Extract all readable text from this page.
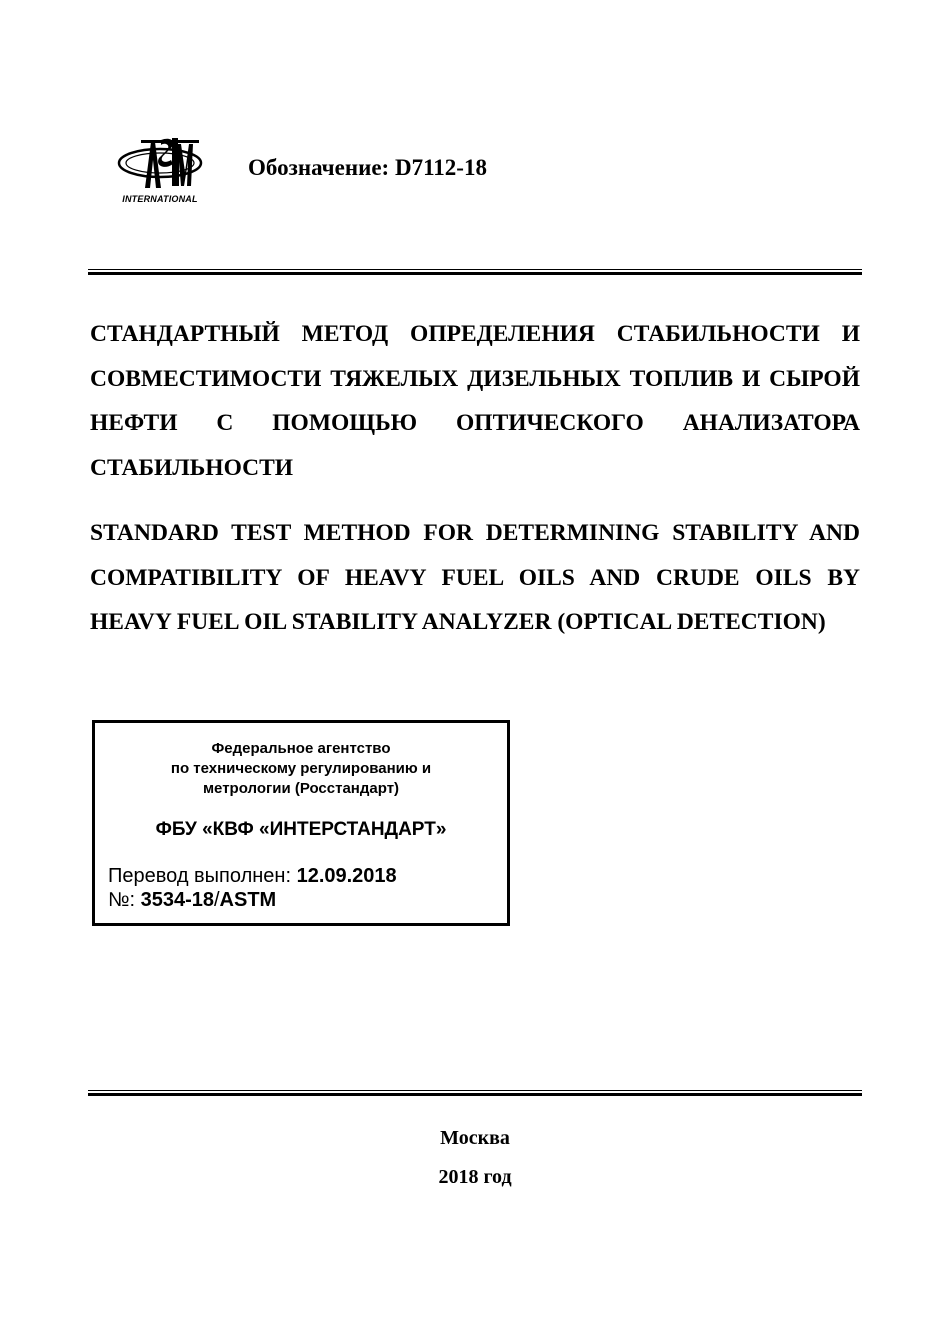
INTERNATIONAL
Обозначение: D7112-18

СТАНДАРТНЫЙ МЕТОД ОПРЕДЕЛЕНИЯ СТАБИЛЬНОСТИ И СОВМЕСТИМОСТИ ТЯЖЕЛЫХ ДИЗЕЛЬНЫХ ТОПЛИВ И СЫРОЙ НЕФТИ С ПОМОЩЬЮ ОПТИЧЕСКОГО АНАЛИЗАТОРА СТАБИЛЬНОСТИ

STANDARD TEST METHOD FOR DETERMINING STABILITY AND COMPATIBILITY OF HEAVY FUEL OILS AND CRUDE OILS BY HEAVY FUEL OIL STABILITY ANALYZER (OPTICAL DETECTION)

Федеральное агентство
по техническому регулированию и
метрологии (Росстандарт)
ФБУ «КВФ «ИНТЕРСТАНДАРТ»
Перевод выполнен: 12.09.2018
№: 3534-18/ASTM
Москва
2018 год
